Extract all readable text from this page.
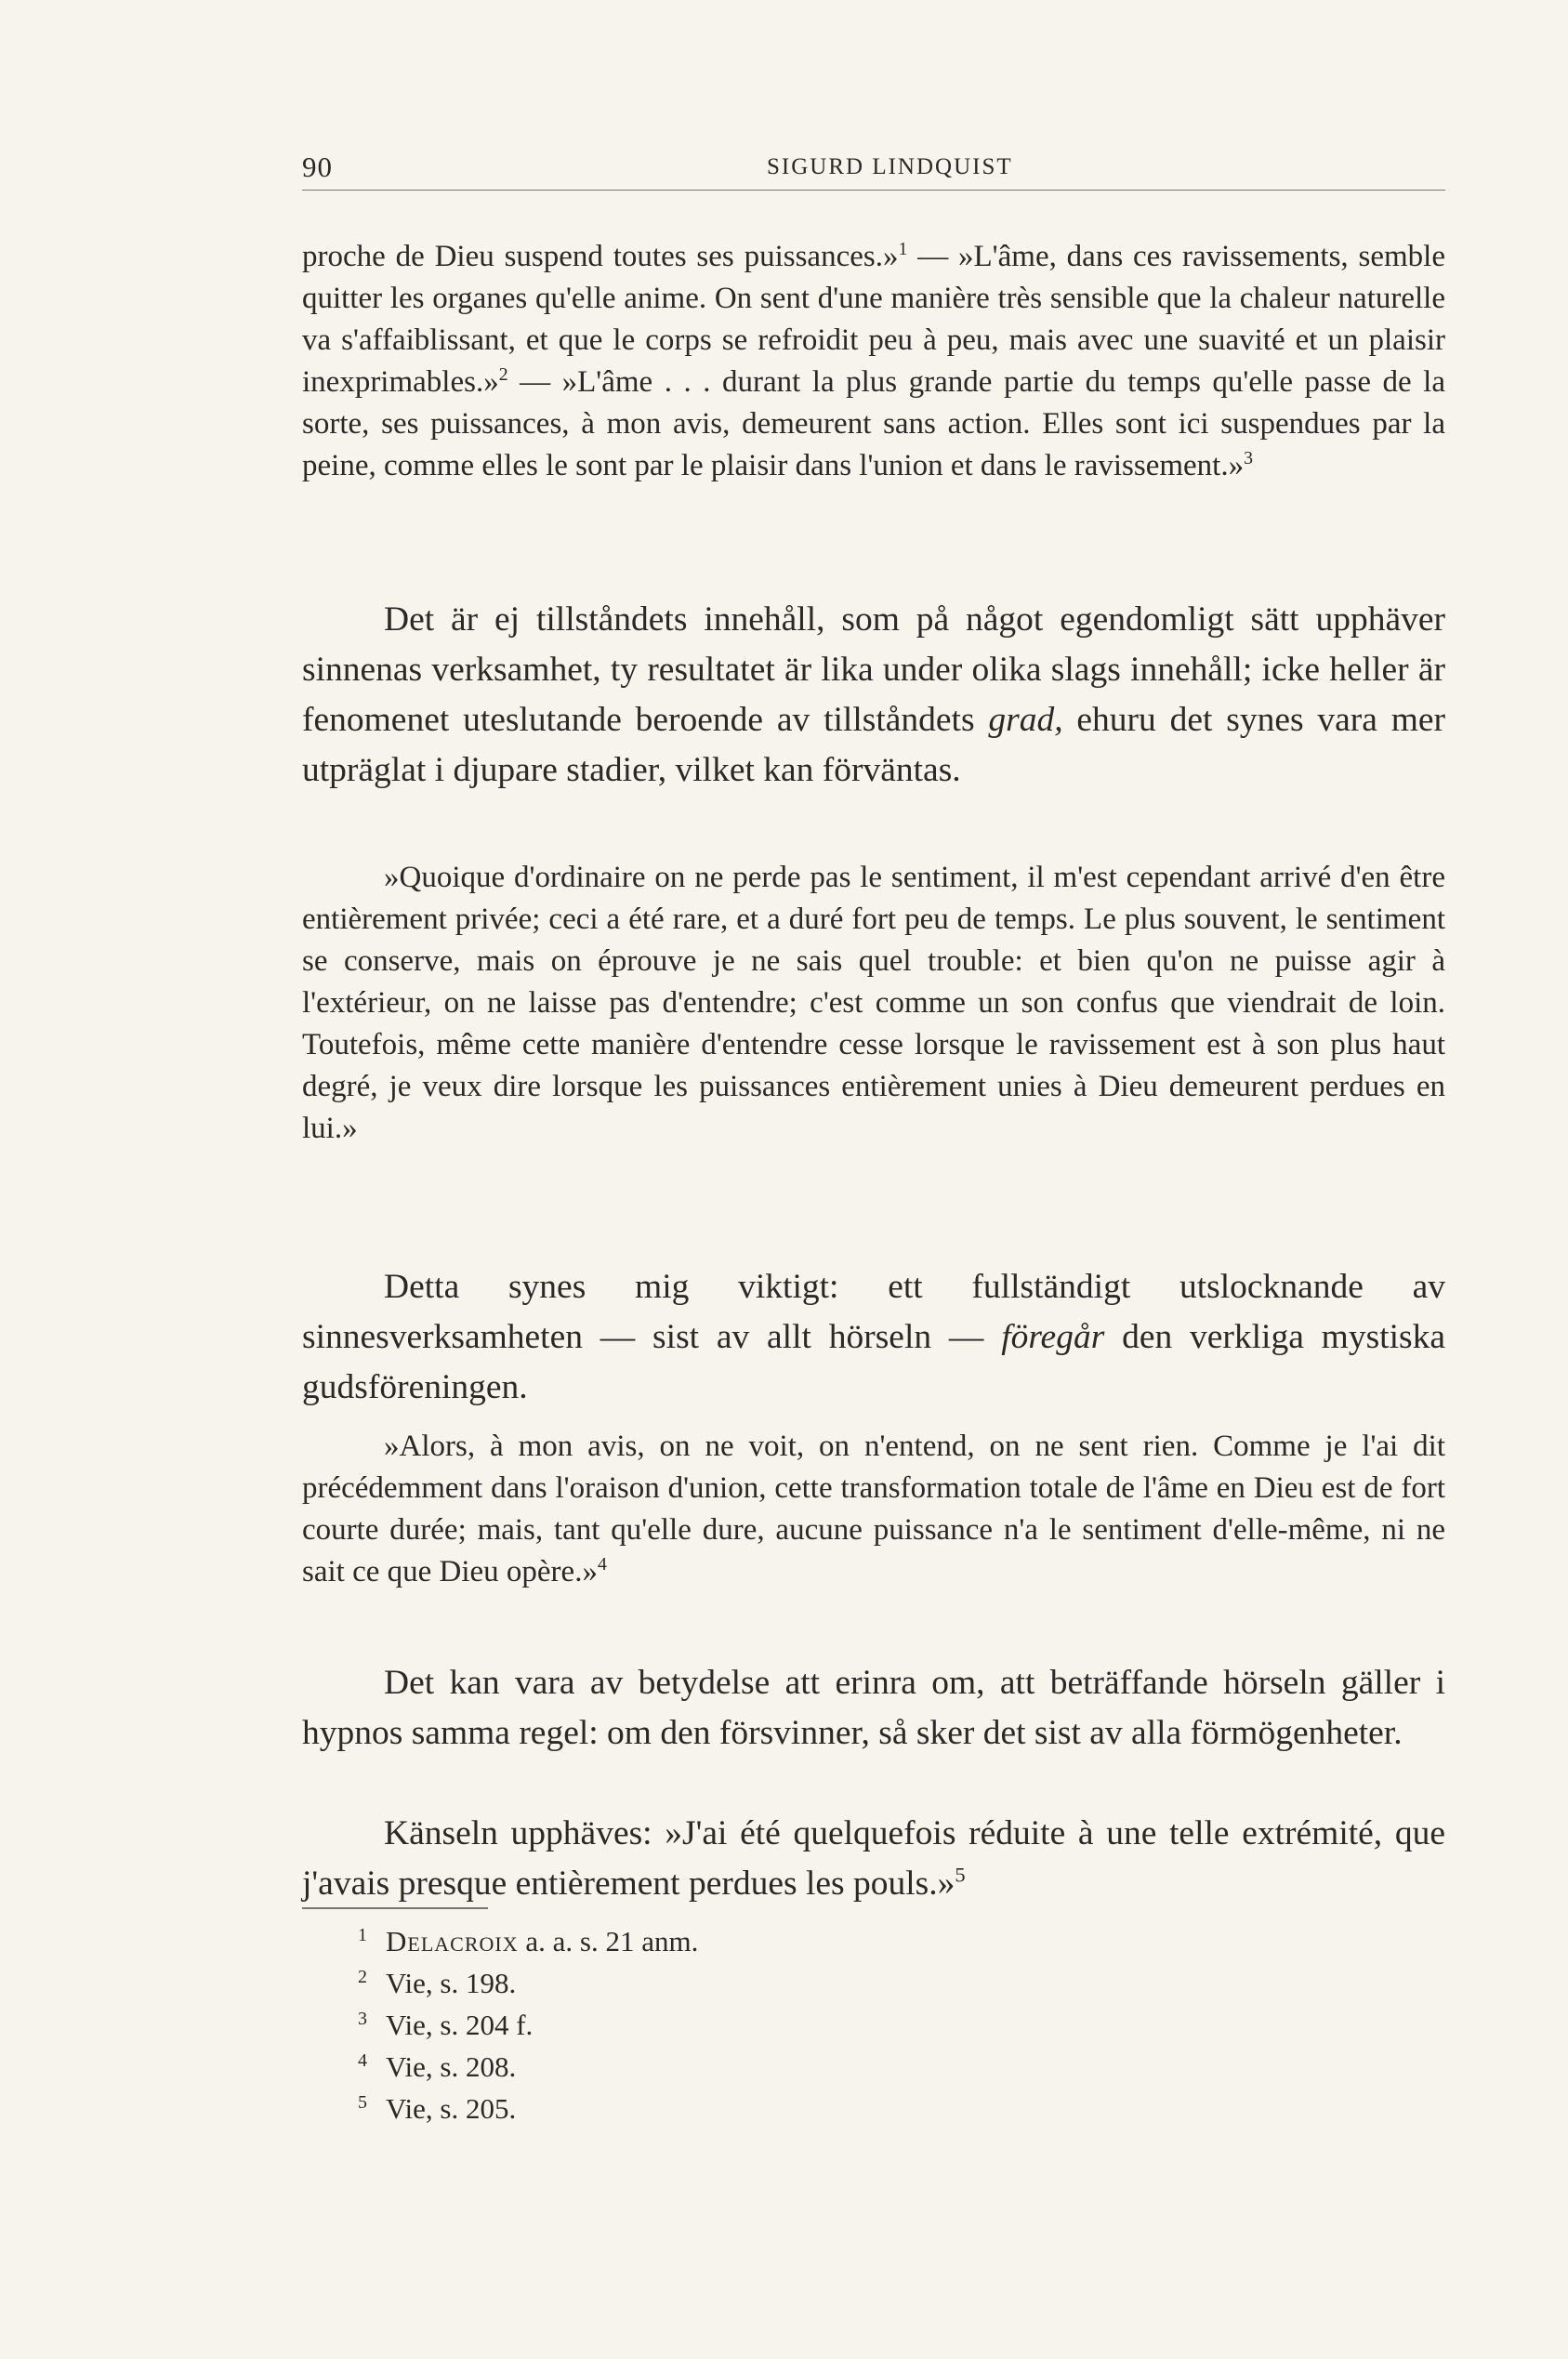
90	SIGURD LINDQUIST

proche de Dieu suspend toutes ses puissances.»$^1$ — »L'âme, dans ces ravissements, semble quitter les organes qu'elle anime. On sent d'une manière très sensible que la chaleur naturelle va s'affaiblissant, et que le corps se refroidit peu à peu, mais avec une suavité et un plaisir inexprimables.»$^2$ — »L'âme . . . durant la plus grande partie du temps qu'elle passe de la sorte, ses puissances, à mon avis, demeurent sans action. Elles sont ici suspendues par la peine, comme elles le sont par le plaisir dans l'union et dans le ravissement.»$^3$

Det är ej tillståndets innehåll, som på något egendomligt sätt upphäver sinnenas verksamhet, ty resultatet är lika under olika slags innehåll; icke heller är fenomenet uteslutande beroende av tillståndets grad, ehuru det synes vara mer utpräglat i djupare stadier, vilket kan förväntas.

»Quoique d'ordinaire on ne perde pas le sentiment, il m'est cependant arrivé d'en être entièrement privée; ceci a été rare, et a duré fort peu de temps. Le plus souvent, le sentiment se conserve, mais on éprouve je ne sais quel trouble: et bien qu'on ne puisse agir à l'extérieur, on ne laisse pas d'entendre; c'est comme un son confus que viendrait de loin. Toutefois, même cette manière d'entendre cesse lorsque le ravissement est à son plus haut degré, je veux dire lorsque les puissances entièrement unies à Dieu demeurent perdues en lui.»

Detta synes mig viktigt: ett fullständigt utslocknande av sinnesverksamheten — sist av allt hörseln — föregår den verkliga mystiska gudsföreningen.

»Alors, à mon avis, on ne voit, on n'entend, on ne sent rien. Comme je l'ai dit précédemment dans l'oraison d'union, cette transformation totale de l'âme en Dieu est de fort courte durée; mais, tant qu'elle dure, aucune puissance n'a le sentiment d'elle-même, ni ne sait ce que Dieu opère.»$^4$

Det kan vara av betydelse att erinra om, att beträffande hörseln gäller i hypnos samma regel: om den försvinner, så sker det sist av alla förmögenheter.

Känseln upphäves: »J'ai été quelquefois réduite à une telle extrémité, que j'avais presque entièrement perdues les pouls.»$^5$

1 Delacroix a. a. s. 21 anm.
2 Vie, s. 198.
3 Vie, s. 204 f.
4 Vie, s. 208.
5 Vie, s. 205.
